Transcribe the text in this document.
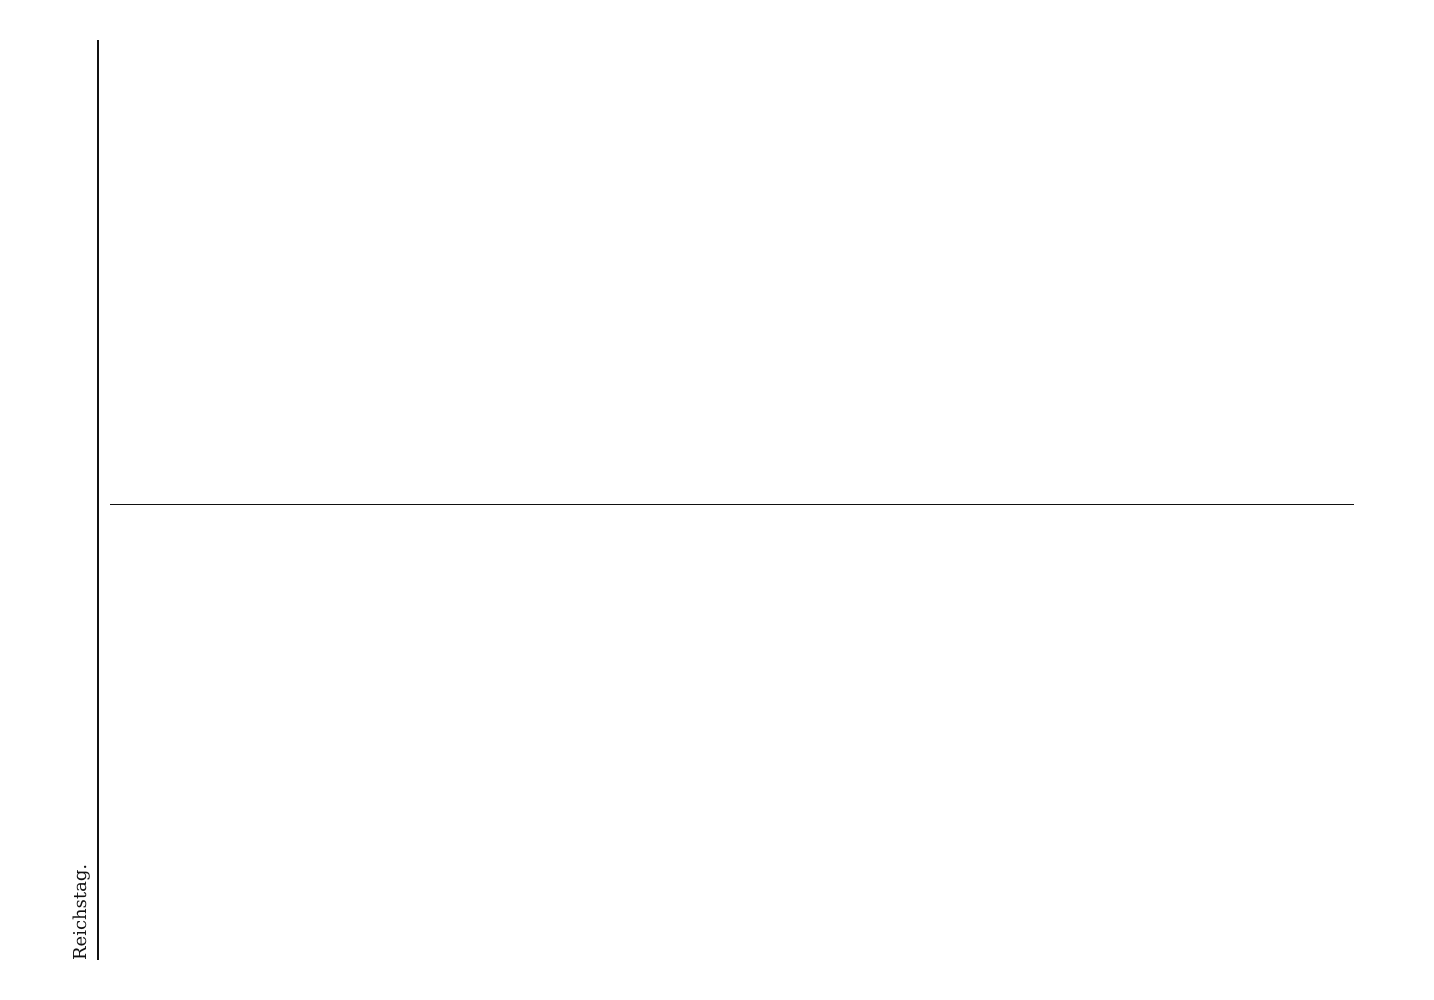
Reichstag.
